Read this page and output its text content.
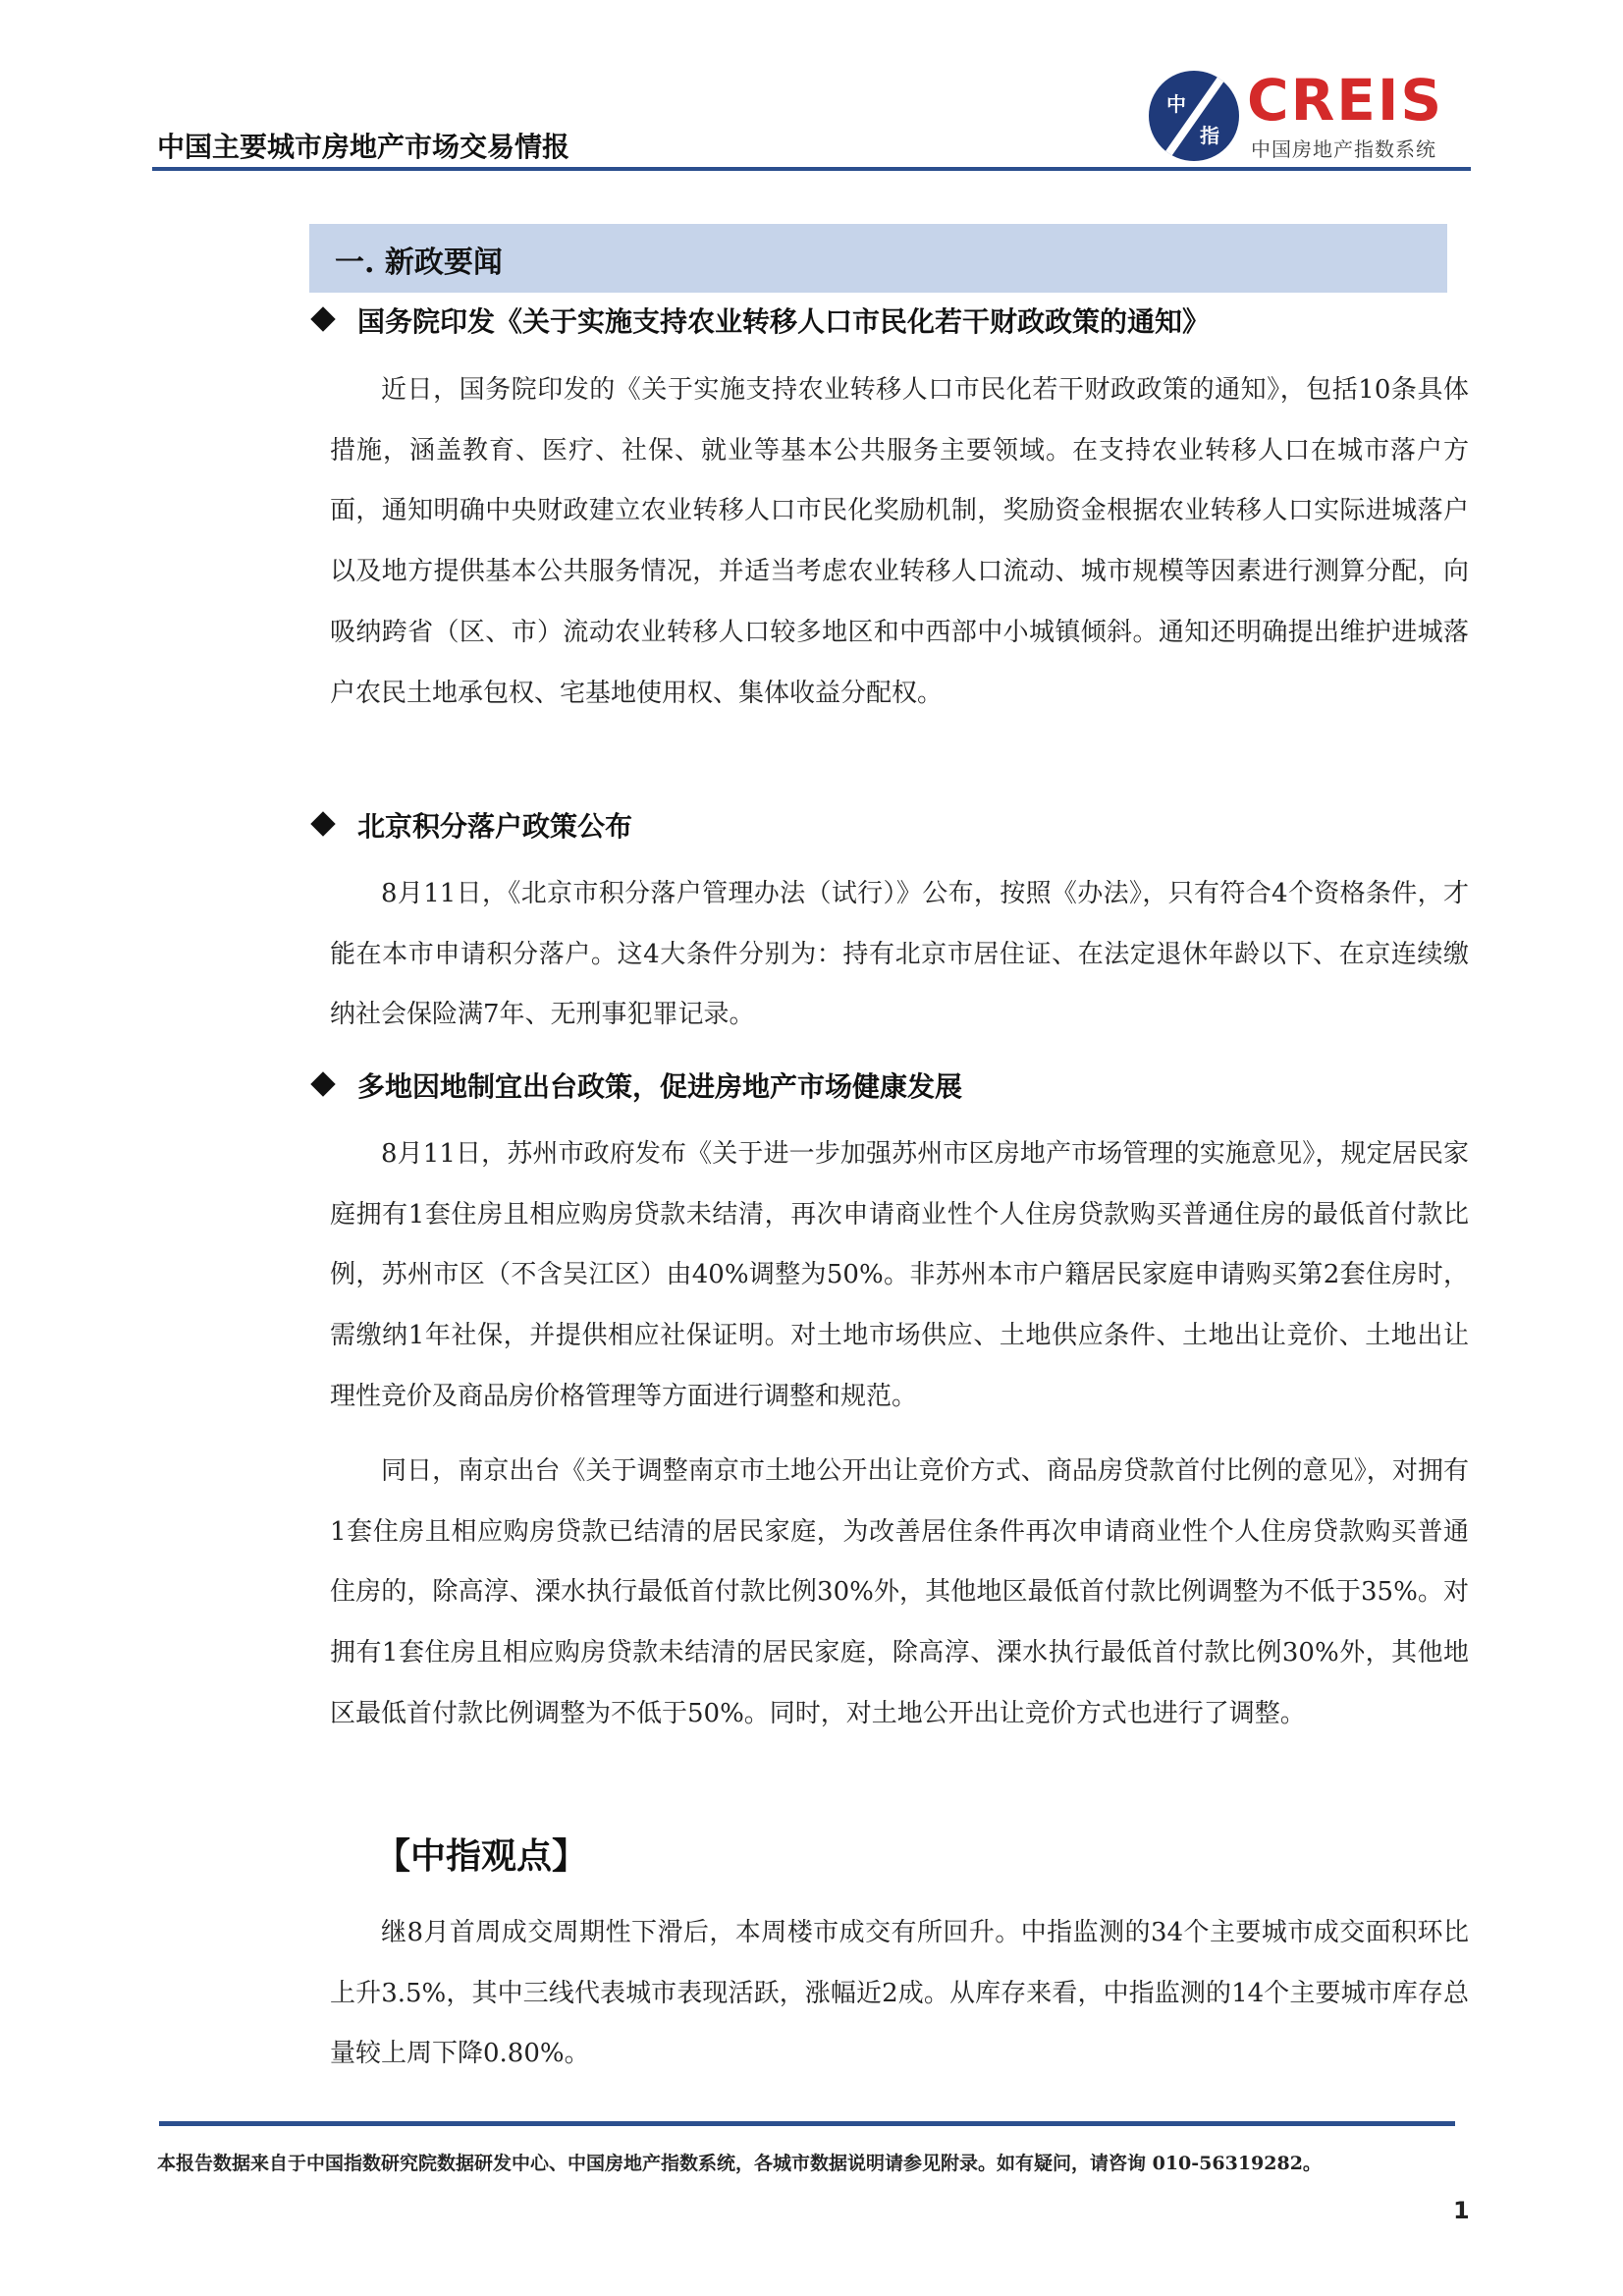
中国主要城市房地产市场交易情报
中
指
CREIS
中国房地产指数系统
一. 新政要闻
国务院印发《关于实施支持农业转移人口市民化若干财政政策的通知》
近日，国务院印发的《关于实施支持农业转移人口市民化若干财政政策的通知》，包括10条具体措施，涵盖教育、医疗、社保、就业等基本公共服务主要领域。在支持农业转移人口在城市落户方面，通知明确中央财政建立农业转移人口市民化奖励机制，奖励资金根据农业转移人口实际进城落户以及地方提供基本公共服务情况，并适当考虑农业转移人口流动、城市规模等因素进行测算分配，向吸纳跨省（区、市）流动农业转移人口较多地区和中西部中小城镇倾斜。通知还明确提出维护进城落户农民土地承包权、宅基地使用权、集体收益分配权。
北京积分落户政策公布
8月11日，《北京市积分落户管理办法（试行）》公布，按照《办法》，只有符合4个资格条件，才能在本市申请积分落户。这4大条件分别为：持有北京市居住证、在法定退休年龄以下、在京连续缴纳社会保险满7年、无刑事犯罪记录。
多地因地制宜出台政策，促进房地产市场健康发展
8月11日，苏州市政府发布《关于进一步加强苏州市区房地产市场管理的实施意见》，规定居民家庭拥有1套住房且相应购房贷款未结清，再次申请商业性个人住房贷款购买普通住房的最低首付款比例，苏州市区（不含吴江区）由40%调整为50%。非苏州本市户籍居民家庭申请购买第2套住房时，需缴纳1年社保，并提供相应社保证明。对土地市场供应、土地供应条件、土地出让竞价、土地出让理性竞价及商品房价格管理等方面进行调整和规范。
同日，南京出台《关于调整南京市土地公开出让竞价方式、商品房贷款首付比例的意见》，对拥有1套住房且相应购房贷款已结清的居民家庭，为改善居住条件再次申请商业性个人住房贷款购买普通住房的，除高淳、溧水执行最低首付款比例30%外，其他地区最低首付款比例调整为不低于35%。对拥有1套住房且相应购房贷款未结清的居民家庭，除高淳、溧水执行最低首付款比例30%外，其他地区最低首付款比例调整为不低于50%。同时，对土地公开出让竞价方式也进行了调整。
【中指观点】
继8月首周成交周期性下滑后，本周楼市成交有所回升。中指监测的34个主要城市成交面积环比上升3.5%，其中三线代表城市表现活跃，涨幅近2成。从库存来看，中指监测的14个主要城市库存总量较上周下降0.80%。
本报告数据来自于中国指数研究院数据研发中心、中国房地产指数系统，各城市数据说明请参见附录。如有疑问，请咨询 010-56319282。
1
